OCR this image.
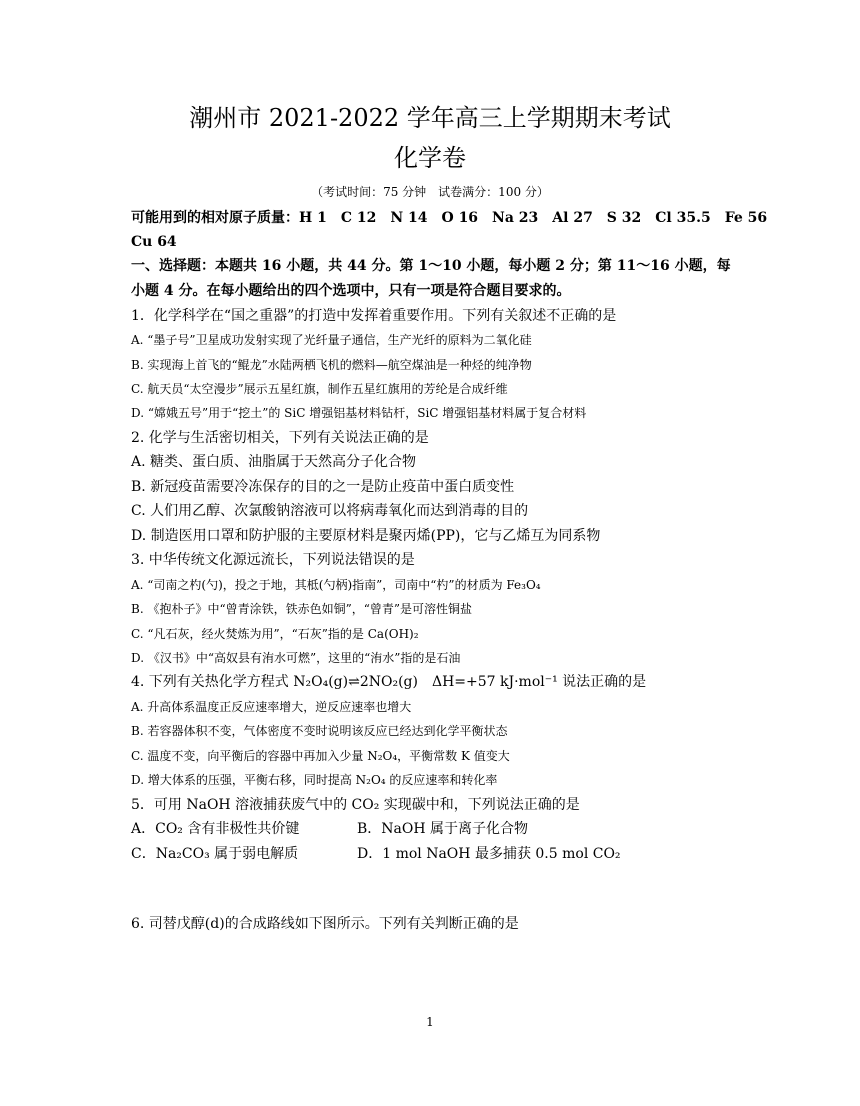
潮州市 2021-2022 学年高三上学期期末考试
化学卷
（考试时间：75 分钟　试卷满分：100 分）
可能用到的相对原子质量：H 1　C 12　N 14　O 16　Na 23　Al 27　S 32　Cl 35.5　Fe 56
Cu 64
一、选择题：本题共 16 小题，共 44 分。第 1～10 小题，每小题 2 分；第 11～16 小题，每
小题 4 分。在每小题给出的四个选项中，只有一项是符合题目要求的。
1．化学科学在“国之重器”的打造中发挥着重要作用。下列有关叙述不正确的是
A. “墨子号”卫星成功发射实现了光纤量子通信，生产光纤的原料为二氧化硅
B. 实现海上首飞的“鲲龙”水陆两栖飞机的燃料—航空煤油是一种烃的纯净物
C. 航天员“太空漫步”展示五星红旗，制作五星红旗用的芳纶是合成纤维
D. “嫦娥五号”用于“挖土”的 SiC 增强铝基材料钻杆，SiC 增强铝基材料属于复合材料
2. 化学与生活密切相关，下列有关说法正确的是
A. 糖类、蛋白质、油脂属于天然高分子化合物
B. 新冠疫苗需要冷冻保存的目的之一是防止疫苗中蛋白质变性
C. 人们用乙醇、次氯酸钠溶液可以将病毒氧化而达到消毒的目的
D. 制造医用口罩和防护服的主要原材料是聚丙烯(PP)，它与乙烯互为同系物
3. 中华传统文化源远流长，下列说法错误的是
A. “司南之杓(勺)，投之于地，其柢(勺柄)指南”，司南中“杓”的材质为 Fe₃O₄
B. 《抱朴子》中“曾青涂铁，铁赤色如铜”，“曾青”是可溶性铜盐
C. “凡石灰，经火焚炼为用”，“石灰”指的是 Ca(OH)₂
D. 《汉书》中“高奴县有洧水可燃”，这里的“洧水”指的是石油
4. 下列有关热化学方程式 N₂O₄(g)⇌2NO₂(g)　ΔH=+57 kJ·mol⁻¹ 说法正确的是
A. 升高体系温度正反应速率增大，逆反应速率也增大
B. 若容器体积不变，气体密度不变时说明该反应已经达到化学平衡状态
C. 温度不变，向平衡后的容器中再加入少量 N₂O₄，平衡常数 K 值变大
D. 增大体系的压强，平衡右移，同时提高 N₂O₄ 的反应速率和转化率
5．可用 NaOH 溶液捕获废气中的 CO₂ 实现碳中和，下列说法正确的是
A．CO₂ 含有非极性共价键	B．NaOH 属于离子化合物
C．Na₂CO₃ 属于弱电解质	D．1 mol NaOH 最多捕获 0.5 mol CO₂
6. 司替戊醇(d)的合成路线如下图所示。下列有关判断正确的是
1
